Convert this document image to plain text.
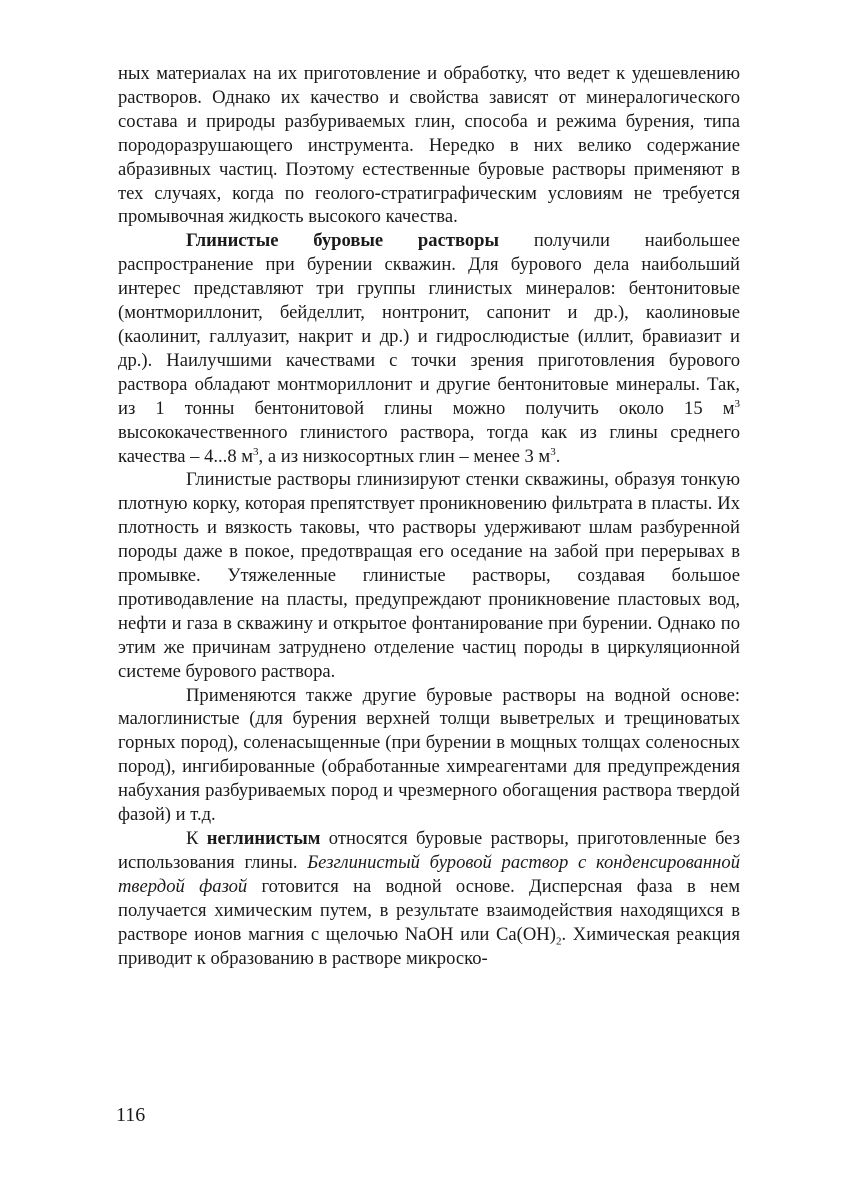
ных материалах на их приготовление и обработку, что ведет к удешевлению растворов. Однако их качество и свойства зависят от минералогического состава и природы разбуриваемых глин, способа и режима бурения, типа породоразрушающего инструмента. Нередко в них велико содержание абразивных частиц. Поэтому естественные буровые растворы применяют в тех случаях, когда по геолого-стратиграфическим условиям не требуется промывочная жидкость высокого качества.

Глинистые буровые растворы получили наибольшее распространение при бурении скважин. Для бурового дела наибольший интерес представляют три группы глинистых минералов: бентонитовые (монтмориллонит, бейделлит, нонтронит, сапонит и др.), каолиновые (каолинит, галлуазит, накрит и др.) и гидрослюдистые (иллит, бравиазит и др.). Наилучшими качествами с точки зрения приготовления бурового раствора обладают монтмориллонит и другие бентонитовые минералы. Так, из 1 тонны бентонитовой глины можно получить около 15 $м^3$ высококачественного глинистого раствора, тогда как из глины среднего качества – 4...8 $м^3$, а из низкосортных глин – менее 3 $м^3$.

Глинистые растворы глинизируют стенки скважины, образуя тонкую плотную корку, которая препятствует проникновению фильтрата в пласты. Их плотность и вязкость таковы, что растворы удерживают шлам разбуренной породы даже в покое, предотвращая его оседание на забой при перерывах в промывке. Утяжеленные глинистые растворы, создавая большое противодавление на пласты, предупреждают проникновение пластовых вод, нефти и газа в скважину и открытое фонтанирование при бурении. Однако по этим же причинам затруднено отделение частиц породы в циркуляционной системе бурового раствора.

Применяются также другие буровые растворы на водной основе: малоглинистые (для бурения верхней толщи выветрелых и трещиноватых горных пород), соленасыщенные (при бурении в мощных толщах соленосных пород), ингибированные (обработанные химреагентами для предупреждения набухания разбуриваемых пород и чрезмерного обогащения раствора твердой фазой) и т.д.

К неглинистым относятся буровые растворы, приготовленные без использования глины. Безглинистый буровой раствор с конденсированной твердой фазой готовится на водной основе. Дисперсная фаза в нем получается химическим путем, в результате взаимодействия находящихся в растворе ионов магния с щелочью NaOH или $Ca(OH)_2$. Химическая реакция приводит к образованию в растворе микроско-

116
